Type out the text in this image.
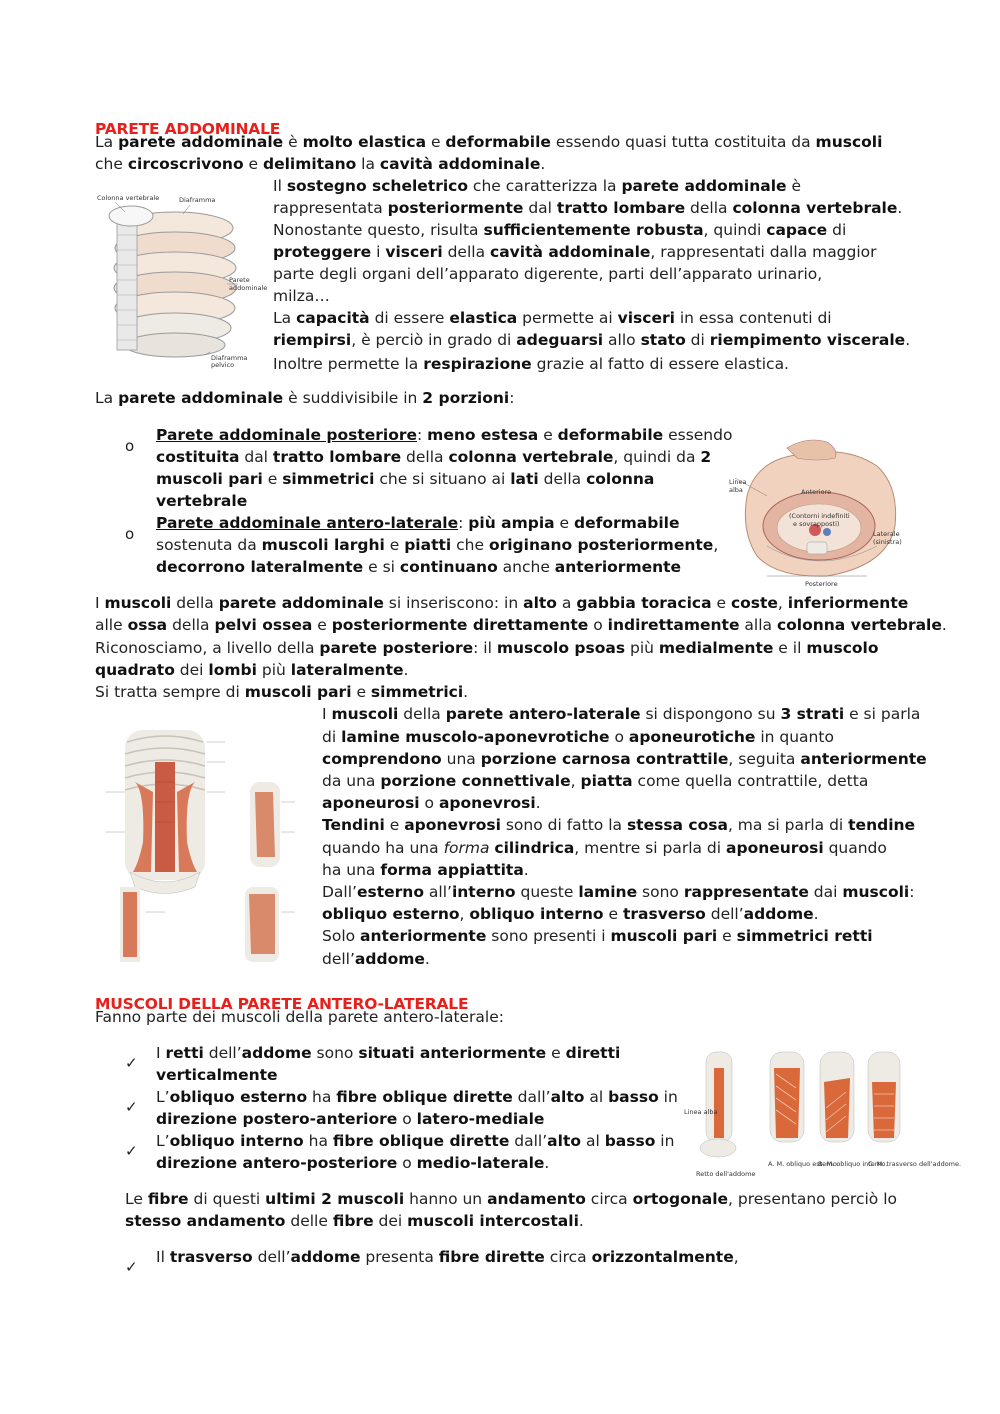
PARETE ADDOMINALE
Colonna vertebrale	Diaframma
Parete
addominale
Diaframma
pelvico
Linea
alba	Anteriore
(Contorni indefiniti
e sovrapposti)
Laterale
(sinistra)
Posteriore
Linea alba
Retto dell'addome
A. M. obliquo esterno.
B. M. obliquo interno.
C. M. trasverso dell'addome.
o
o
MUSCOLI DELLA PARETE ANTERO-LATERALE
✓
✓
✓
✓
La parete addominale è molto elastica e deformabile essendo quasi tutta costituita da muscoli
che circoscrivono e delimitano la cavità addominale.
Il sostegno scheletrico che caratterizza la parete addominale è
rappresentata posteriormente dal tratto lombare della colonna vertebrale.
Nonostante questo, risulta sufficientemente robusta, quindi capace di
proteggere i visceri della cavità addominale, rappresentati dalla maggior
parte degli organi dell’apparato digerente, parti dell’apparato urinario,
milza…
La capacità di essere elastica permette ai visceri in essa contenuti di
riempirsi, è perciò in grado di adeguarsi allo stato di riempimento viscerale.
Inoltre permette la respirazione grazie al fatto di essere elastica.
La parete addominale è suddivisibile in 2 porzioni:
Parete addominale posteriore: meno estesa e deformabile essendo
costituita dal tratto lombare della colonna vertebrale, quindi da 2
muscoli pari e simmetrici che si situano ai lati della colonna
vertebrale
Parete addominale antero-laterale: più ampia e deformabile
sostenuta da muscoli larghi e piatti che originano posteriormente,
decorrono lateralmente e si continuano anche anteriormente
I muscoli della parete addominale si inseriscono: in alto a gabbia toracica e coste, inferiormente
alle ossa della pelvi ossea e posteriormente direttamente o indirettamente alla colonna vertebrale.
Riconosciamo, a livello della parete posteriore: il muscolo psoas più medialmente e il muscolo
quadrato dei lombi più lateralmente.
Si tratta sempre di muscoli pari e simmetrici.
I muscoli della parete antero-laterale si dispongono su 3 strati e si parla
di lamine muscolo-aponevrotiche o aponeurotiche in quanto
comprendono una porzione carnosa contrattile, seguita anteriormente
da una porzione connettivale, piatta come quella contrattile, detta
aponeurosi o aponevrosi.
Tendini e aponevrosi sono di fatto la stessa cosa, ma si parla di tendine
quando ha una forma cilindrica, mentre si parla di aponeurosi quando
ha una forma appiattita.
Dall’esterno all’interno queste lamine sono rappresentate dai muscoli:
obliquo esterno, obliquo interno e trasverso dell’addome.
Solo anteriormente sono presenti i muscoli pari e simmetrici retti
dell’addome.
Fanno parte dei muscoli della parete antero-laterale:
I retti dell’addome sono situati anteriormente e diretti
verticalmente
L’obliquo esterno ha fibre oblique dirette dall’alto al basso in
direzione postero-anteriore o latero-mediale
L’obliquo interno ha fibre oblique dirette dall’alto al basso in
direzione antero-posteriore o medio-laterale.
Le fibre di questi ultimi 2 muscoli hanno un andamento circa ortogonale, presentano perciò lo
stesso andamento delle fibre dei muscoli intercostali.
Il trasverso dell’addome presenta fibre dirette circa orizzontalmente,
